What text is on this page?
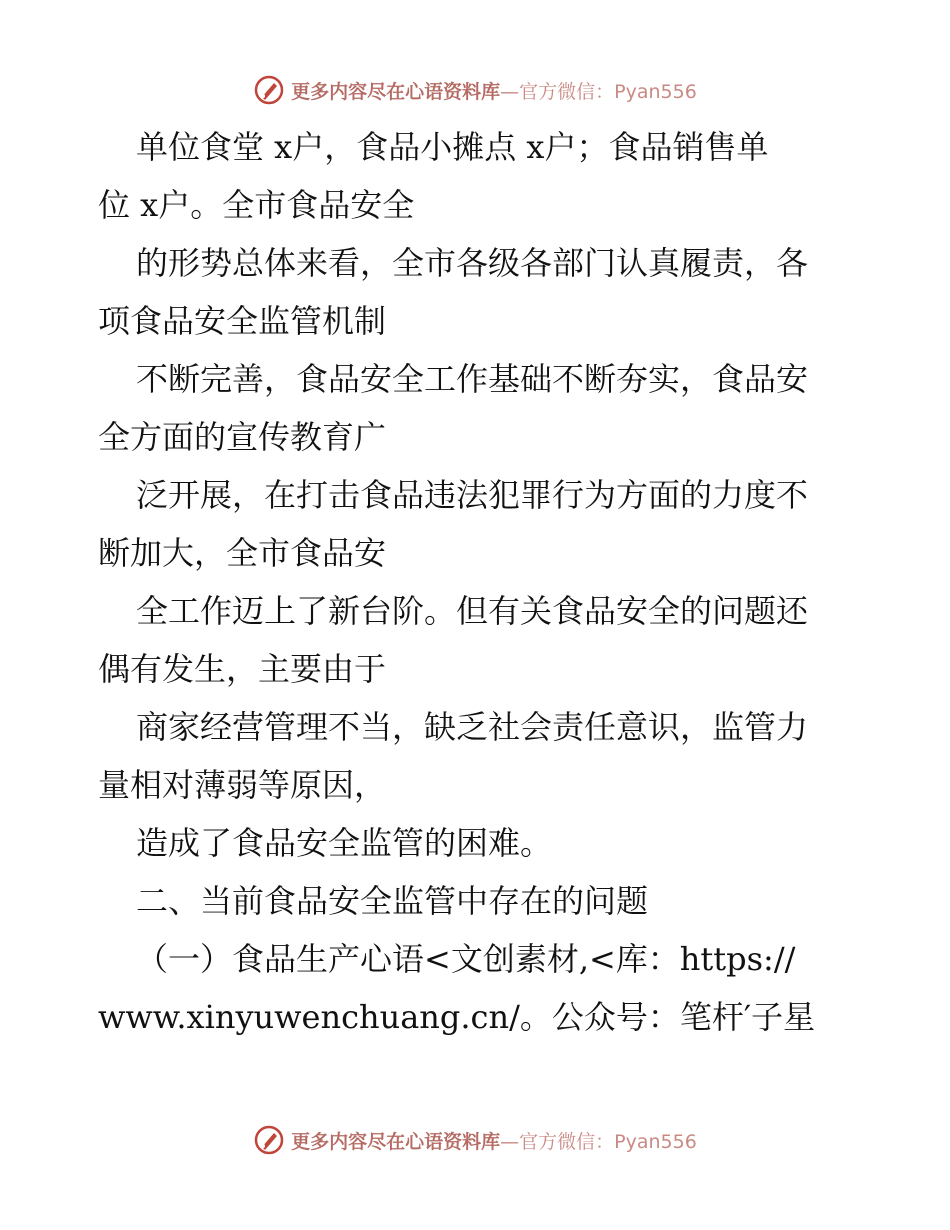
更多内容尽在心语资料库—官方微信：Pyan556
单位食堂 x户，食品小摊点 x户；食品销售单
位 x户。全市食品安全
的形势总体来看，全市各级各部门认真履责，各
项食品安全监管机制
不断完善，食品安全工作基础不断夯实，食品安
全方面的宣传教育广
泛开展，在打击食品违法犯罪行为方面的力度不
断加大，全市食品安
全工作迈上了新台阶。但有关食品安全的问题还
偶有发生，主要由于
商家经营管理不当，缺乏社会责任意识，监管力
量相对薄弱等原因，
造成了食品安全监管的困难。
二、当前食品安全监管中存在的问题
（一）食品生产心语<文创素材,<库：https://
www.xinyuwenchuang.cn/。公众号：笔杆′子星
更多内容尽在心语资料库—官方微信：Pyan556
